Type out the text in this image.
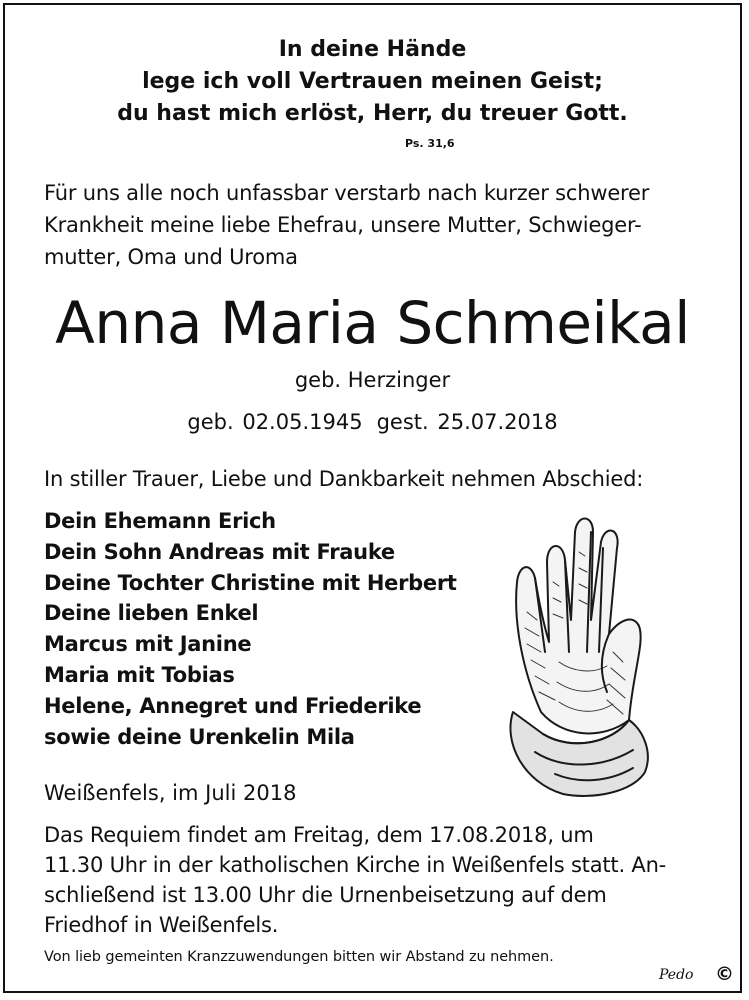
In deine Hände
lege ich voll Vertrauen meinen Geist;
du hast mich erlöst, Herr, du treuer Gott.
Ps. 31,6
Für uns alle noch unfassbar verstarb nach kurzer schwerer
Krankheit meine liebe Ehefrau, unsere Mutter, Schwieger-
mutter, Oma und Uroma
Anna Maria Schmeikal
geb. Herzinger
geb. 02.05.1945 gest. 25.07.2018
In stiller Trauer, Liebe und Dankbarkeit nehmen Abschied:
Dein Ehemann Erich
Dein Sohn Andreas mit Frauke
Deine Tochter Christine mit Herbert
Deine lieben Enkel
Marcus mit Janine
Maria mit Tobias
Helene, Annegret und Friederike
sowie deine Urenkelin Mila
Weißenfels, im Juli 2018
Das Requiem findet am Freitag, dem 17.08.2018, um
11.30 Uhr in der katholischen Kirche in Weißenfels statt. An-
schließend ist 13.00 Uhr die Urnenbeisetzung auf dem
Friedhof in Weißenfels.
Von lieb gemeinten Kranzzuwendungen bitten wir Abstand zu nehmen.
Pedo ©
